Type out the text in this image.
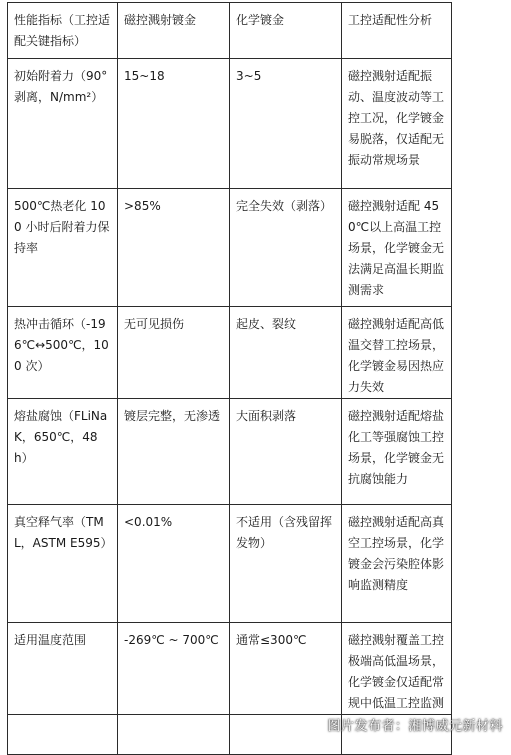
性能指标（工控适配关键指标）	磁控溅射镀金	化学镀金	工控适配性分析
初始附着力（90°剥离，N/mm²）	15~18	3~5	磁控溅射适配振动、温度波动等工控工况，化学镀金易脱落，仅适配无振动常规场景
500℃热老化 100 小时后附着力保持率	>85%	完全失效（剥落）	磁控溅射适配 450℃以上高温工控场景，化学镀金无法满足高温长期监测需求
热冲击循环（-196℃↔500℃，100 次）	无可见损伤	起皮、裂纹	磁控溅射适配高低温交替工控场景，化学镀金易因热应力失效
熔盐腐蚀（FLiNaK，650℃，48h）	镀层完整，无渗透	大面积剥落	磁控溅射适配熔盐化工等强腐蚀工控场景，化学镀金无抗腐蚀能力
真空释气率（TML，ASTM E595）	<0.01%	不适用（含残留挥发物）	磁控溅射适配高真空工控场景，化学镀金会污染腔体影响监测精度
适用温度范围	-269℃ ~ 700℃	通常≤300℃	磁控溅射覆盖工控极端高低温场景，化学镀金仅适配常规中低温工控监测

图片发布者：湘博威元新材料
